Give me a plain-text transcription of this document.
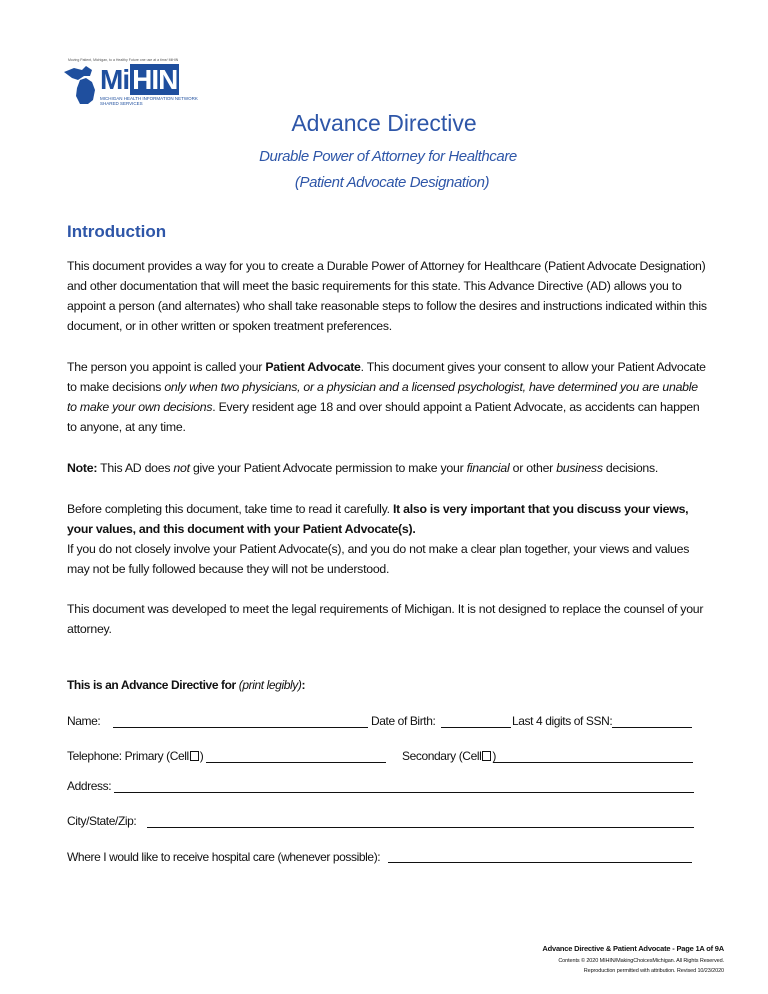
Moving Patient, Michigan, to a Healthy Future one use at a time/ MiHIN
Mi HIN
MICHIGAN HEALTH INFORMATION NETWORK
SHARED SERVICES
Advance Directive
Durable Power of Attorney for Healthcare
(Patient Advocate Designation)
Introduction
This document provides a way for you to create a Durable Power of Attorney for Healthcare (Patient Advocate Designation) and other documentation that will meet the basic requirements for this state. This Advance Directive (AD) allows you to appoint a person (and alternates) who shall take reasonable steps to follow the desires and instructions indicated within this document, or in other written or spoken treatment preferences.
The person you appoint is called your Patient Advocate. This document gives your consent to allow your Patient Advocate to make decisions only when two physicians, or a physician and a licensed psychologist, have determined you are unable to make your own decisions. Every resident age 18 and over should appoint a Patient Advocate, as accidents can happen to anyone, at any time.
Note: This AD does not give your Patient Advocate permission to make your financial or other business decisions.
Before completing this document, take time to read it carefully. It also is very important that you discuss your views, your values, and this document with your Patient Advocate(s).
If you do not closely involve your Patient Advocate(s), and you do not make a clear plan together, your views and values may not be fully followed because they will not be understood.
This document was developed to meet the legal requirements of Michigan. It is not designed to replace the counsel of your attorney.
This is an Advance Directive for (print legibly):
Name:	Date of Birth:	Last 4 digits of SSN:
Telephone: Primary (Cell )	Secondary (Cell )
Address:
City/State/Zip:
Where I would like to receive hospital care (whenever possible):
Advance Directive & Patient Advocate - Page 1A of 9A
Contents © 2020 MIHIN/MakingChoicesMichigan. All Rights Reserved.
Reproduction permitted with attribution. Revised 10/23/2020
